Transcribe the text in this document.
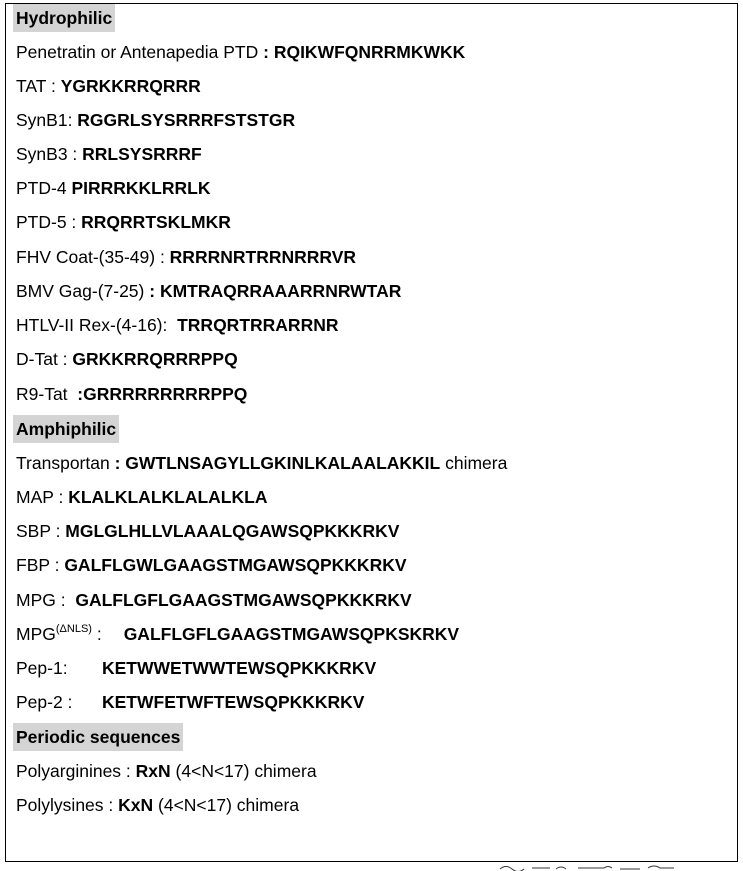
Hydrophilic
Penetratin or Antenapedia PTD : RQIKWFQNRRMKWKK
TAT : YGRKKRRQRRR
SynB1: RGGRLSYSRRRFSTSTGR
SynB3 : RRLSYSRRRF
PTD-4 PIRRRKKLRRLK
PTD-5 : RRQRRTSKLMKR
FHV Coat-(35-49) : RRRRNRTRRNRRRVR
BMV Gag-(7-25) : KMTRAQRRAAARRNRWTAR
HTLV-II Rex-(4-16):  TRRQRTRRARRNR
D-Tat : GRKKRRQRRRPPQ
R9-Tat  :GRRRRRRRRRPPQ
Amphiphilic
Transportan : GWTLNSAGYLLGKINLKALAALAKKIL chimera
MAP : KLALKLALKLALALKLA
SBP : MGLGLHLLVLAAALQGAWSQPKKKRKV
FBP : GALFLGWLGAAGSTMGAWSQPKKKRKV
MPG :  GALFLGFLGAAGSTMGAWSQPKKKRKV
$MPG^{(\Delta NLS)}$ : GALFLGFLGAAGSTMGAWSQPKSKRKV
Pep-1: KETWWETWWTEWSQPKKKRKV
Pep-2 : KETWFETWFTEWSQPKKKRKV
Periodic sequences
Polyarginines : RxN (4<N<17) chimera
Polylysines : KxN (4<N<17) chimera
